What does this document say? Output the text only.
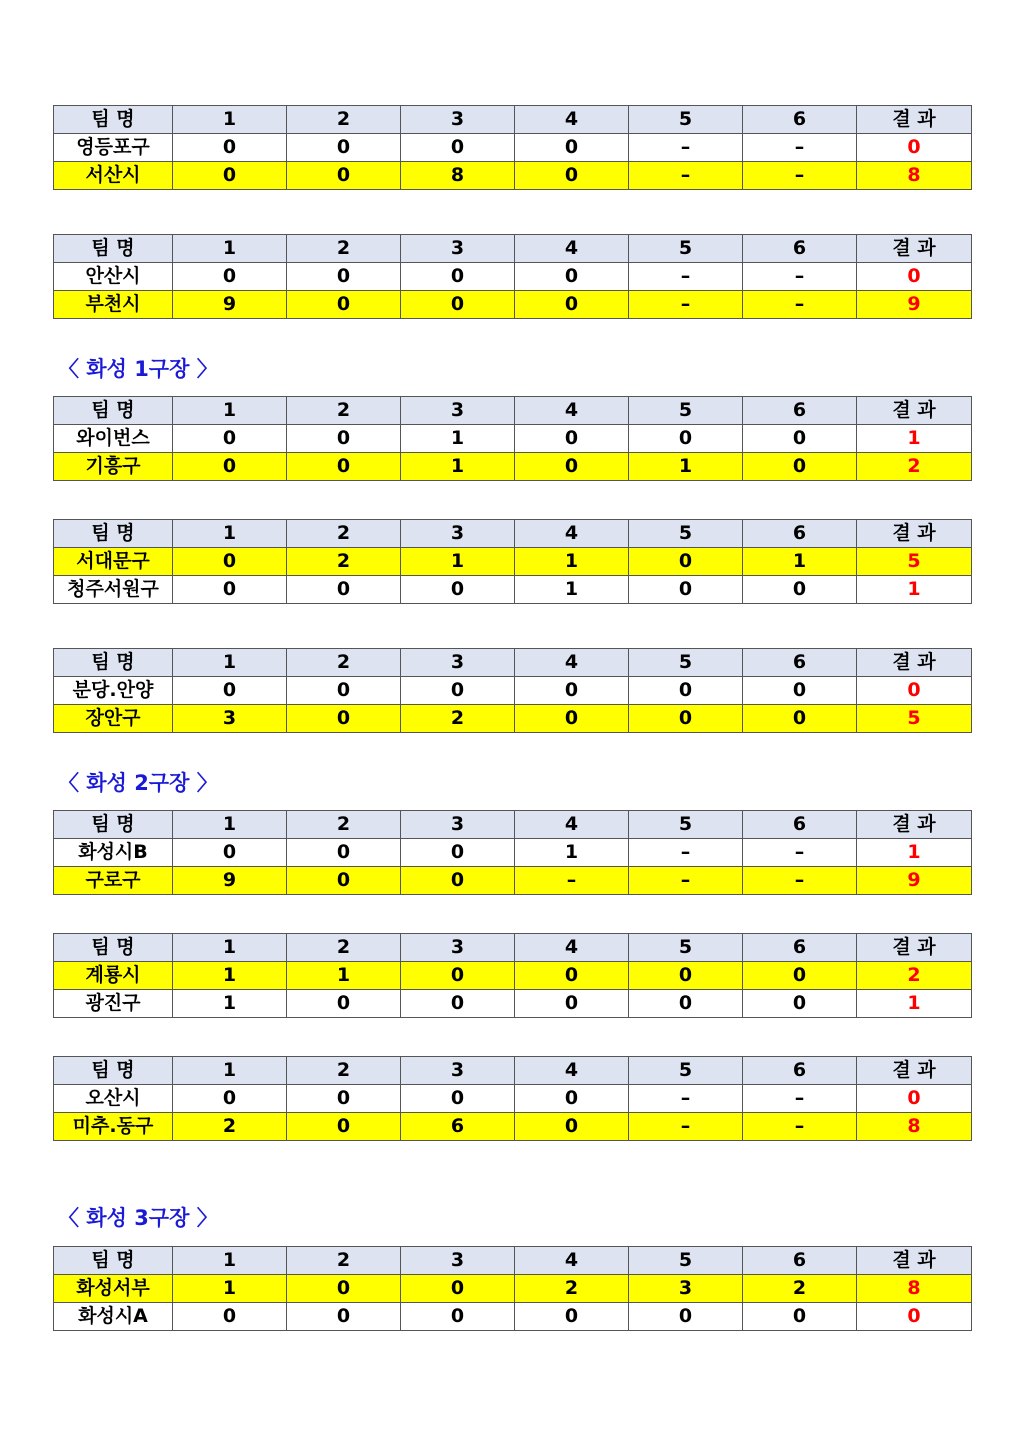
〈 화성 1구장 〉
〈 화성 2구장 〉
〈 화성 3구장 〉
팀 명	1	2	3	4	5	6	결 과
영등포구	0	0	0	0	–	–	0
서산시	0	0	8	0	–	–	8
팀 명	1	2	3	4	5	6	결 과
안산시	0	0	0	0	–	–	0
부천시	9	0	0	0	–	–	9
팀 명	1	2	3	4	5	6	결 과
와이번스	0	0	1	0	0	0	1
기흥구	0	0	1	0	1	0	2
팀 명	1	2	3	4	5	6	결 과
서대문구	0	2	1	1	0	1	5
청주서원구	0	0	0	1	0	0	1
팀 명	1	2	3	4	5	6	결 과
분당.안양	0	0	0	0	0	0	0
장안구	3	0	2	0	0	0	5
팀 명	1	2	3	4	5	6	결 과
화성시B	0	0	0	1	–	–	1
구로구	9	0	0	–	–	–	9
팀 명	1	2	3	4	5	6	결 과
계룡시	1	1	0	0	0	0	2
광진구	1	0	0	0	0	0	1
팀 명	1	2	3	4	5	6	결 과
오산시	0	0	0	0	–	–	0
미추.동구	2	0	6	0	–	–	8
팀 명	1	2	3	4	5	6	결 과
화성서부	1	0	0	2	3	2	8
화성시A	0	0	0	0	0	0	0
